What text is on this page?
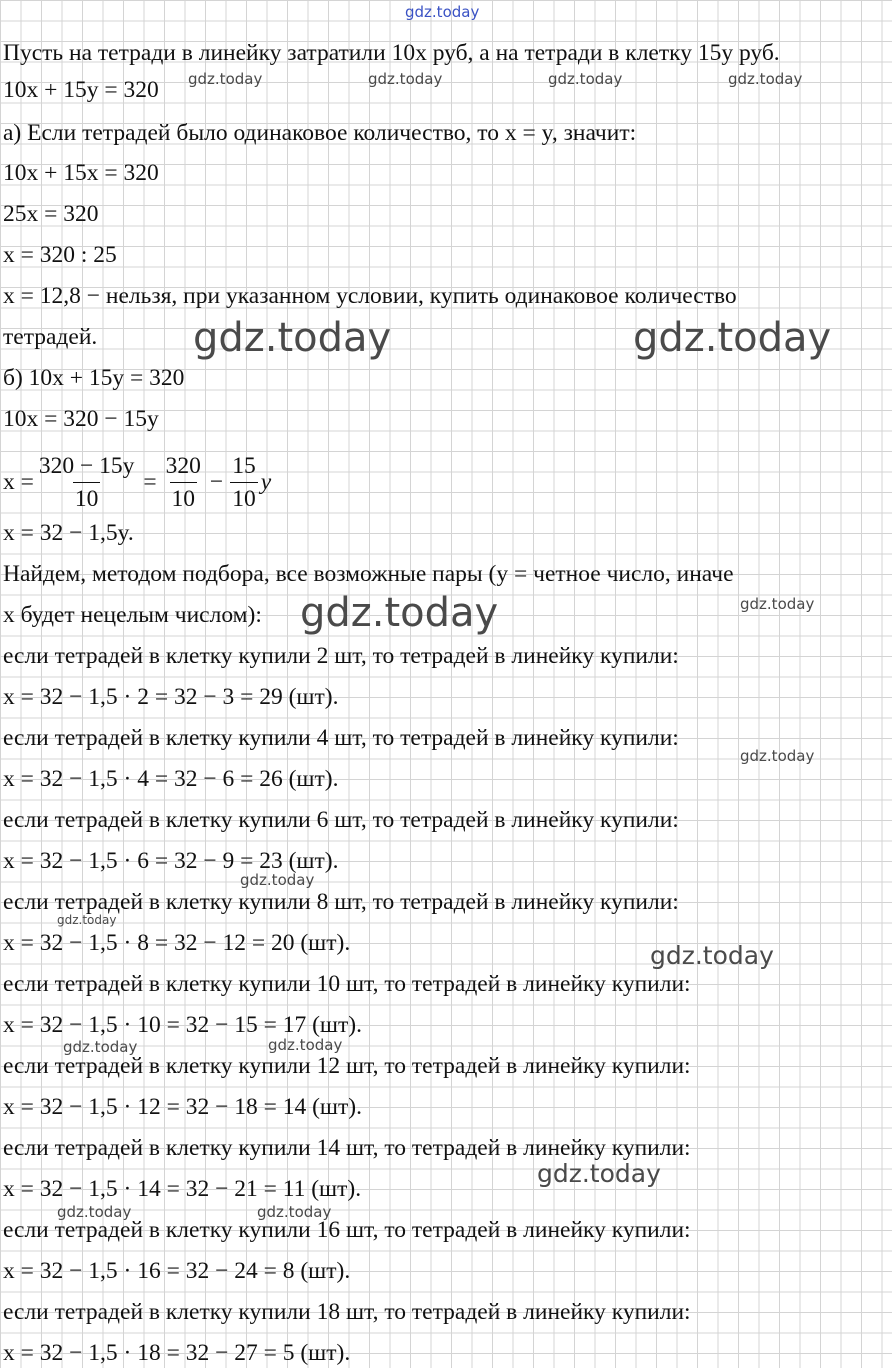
gdz.today
Пусть на тетради в линейку затратили 10x руб, а на тетради в клетку 15y руб.
10x + 15y = 320
а) Если тетрадей было одинаковое количество, то x = y, значит:
10x + 15x = 320
25x = 320
x = 320 : 25
x = 12,8 − нельзя, при указанном условии, купить одинаковое количество
тетрадей.
б) 10x + 15y = 320
10x = 320 − 15y
$x = \frac{320 - 15y}{10} = \frac{320}{10} - \frac{15}{10}$ y
x = 32 − 1,5y.
Найдем, методом подбора, все возможные пары (y = четное число, иначе
x будет нецелым числом):
если тетрадей в клетку купили 2 шт, то тетрадей в линейку купили:
x = 32 − 1,5 · 2 = 32 − 3 = 29 (шт).
если тетрадей в клетку купили 4 шт, то тетрадей в линейку купили:
x = 32 − 1,5 · 4 = 32 − 6 = 26 (шт).
если тетрадей в клетку купили 6 шт, то тетрадей в линейку купили:
x = 32 − 1,5 · 6 = 32 − 9 = 23 (шт).
если тетрадей в клетку купили 8 шт, то тетрадей в линейку купили:
x = 32 − 1,5 · 8 = 32 − 12 = 20 (шт).
если тетрадей в клетку купили 10 шт, то тетрадей в линейку купили:
x = 32 − 1,5 · 10 = 32 − 15 = 17 (шт).
если тетрадей в клетку купили 12 шт, то тетрадей в линейку купили:
x = 32 − 1,5 · 12 = 32 − 18 = 14 (шт).
если тетрадей в клетку купили 14 шт, то тетрадей в линейку купили:
x = 32 − 1,5 · 14 = 32 − 21 = 11 (шт).
если тетрадей в клетку купили 16 шт, то тетрадей в линейку купили:
x = 32 − 1,5 · 16 = 32 − 24 = 8 (шт).
если тетрадей в клетку купили 18 шт, то тетрадей в линейку купили:
x = 32 − 1,5 · 18 = 32 − 27 = 5 (шт).
gdz.today	gdz.today	gdz.today	gdz.today
gdz.today	gdz.today
gdz.today	gdz.today
gdz.today
gdz.today
gdz.today
gdz.today
gdz.today	gdz.today
gdz.today
gdz.today	gdz.today
